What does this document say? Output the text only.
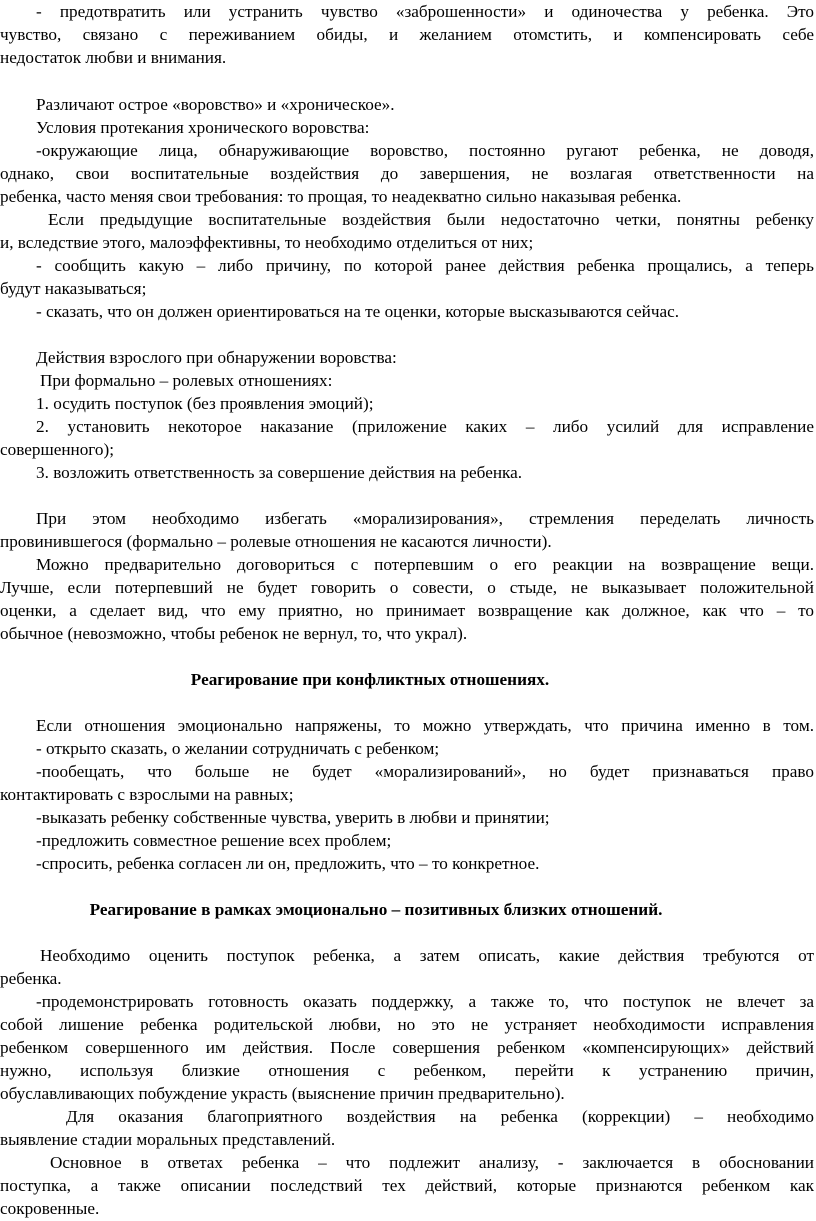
- предотвратить или устранить чувство «заброшенности» и одиночества у ребенка. Это
чувство, связано с переживанием обиды, и желанием отомстить, и компенсировать себе
недостаток любви и внимания.
Различают острое «воровство» и «хроническое».
Условия протекания хронического воровства:
-окружающие лица, обнаруживающие воровство, постоянно ругают ребенка, не доводя,
однако, свои воспитательные воздействия до завершения, не возлагая ответственности на
ребенка, часто меняя свои требования: то прощая, то неадекватно сильно наказывая ребенка.
Если предыдущие воспитательные воздействия были недостаточно четки, понятны ребенку
и, вследствие этого, малоэффективны, то необходимо отделиться от них;
- сообщить какую – либо причину, по которой ранее действия ребенка прощались, а теперь
будут наказываться;
- сказать, что он должен ориентироваться на те оценки, которые высказываются сейчас.
Действия взрослого при обнаружении воровства:
При формально – ролевых отношениях:
1. осудить поступок (без проявления эмоций);
2. установить некоторое наказание (приложение каких – либо усилий для исправление
совершенного);
3. возложить ответственность за совершение действия на ребенка.
При этом необходимо избегать «морализирования», стремления переделать личность
провинившегося (формально – ролевые отношения не касаются личности).
Можно предварительно договориться с потерпевшим о его реакции на возвращение вещи.
Лучше, если потерпевший не будет говорить о совести, о стыде, не выказывает положительной
оценки, а сделает вид, что ему приятно, но принимает возвращение как должное, как что – то
обычное (невозможно, чтобы ребенок не вернул, то, что украл).
Реагирование при конфликтных отношениях.
Если отношения эмоционально напряжены, то можно утверждать, что причина именно в том.
- открыто сказать, о желании сотрудничать с ребенком;
-пообещать, что больше не будет «морализирований», но будет признаваться право
контактировать с взрослыми на равных;
-выказать ребенку собственные чувства, уверить в любви и принятии;
-предложить совместное решение всех проблем;
-спросить, ребенка согласен ли он, предложить, что – то конкретное.
Реагирование в рамках эмоционально – позитивных близких отношений.
Необходимо оценить поступок ребенка, а затем описать, какие действия требуются от
ребенка.
-продемонстрировать готовность оказать поддержку, а также то, что поступок не влечет за
собой лишение ребенка родительской любви, но это не устраняет необходимости исправления
ребенком совершенного им действия. После совершения ребенком «компенсирующих» действий
нужно, используя близкие отношения с ребенком, перейти к устранению причин,
обуславливающих побуждение украсть (выяснение причин предварительно).
Для оказания благоприятного воздействия на ребенка (коррекции) – необходимо
выявление стадии моральных представлений.
Основное в ответах ребенка – что подлежит анализу, - заключается в обосновании
поступка, а также описании последствий тех действий, которые признаются ребенком как
сокровенные.
